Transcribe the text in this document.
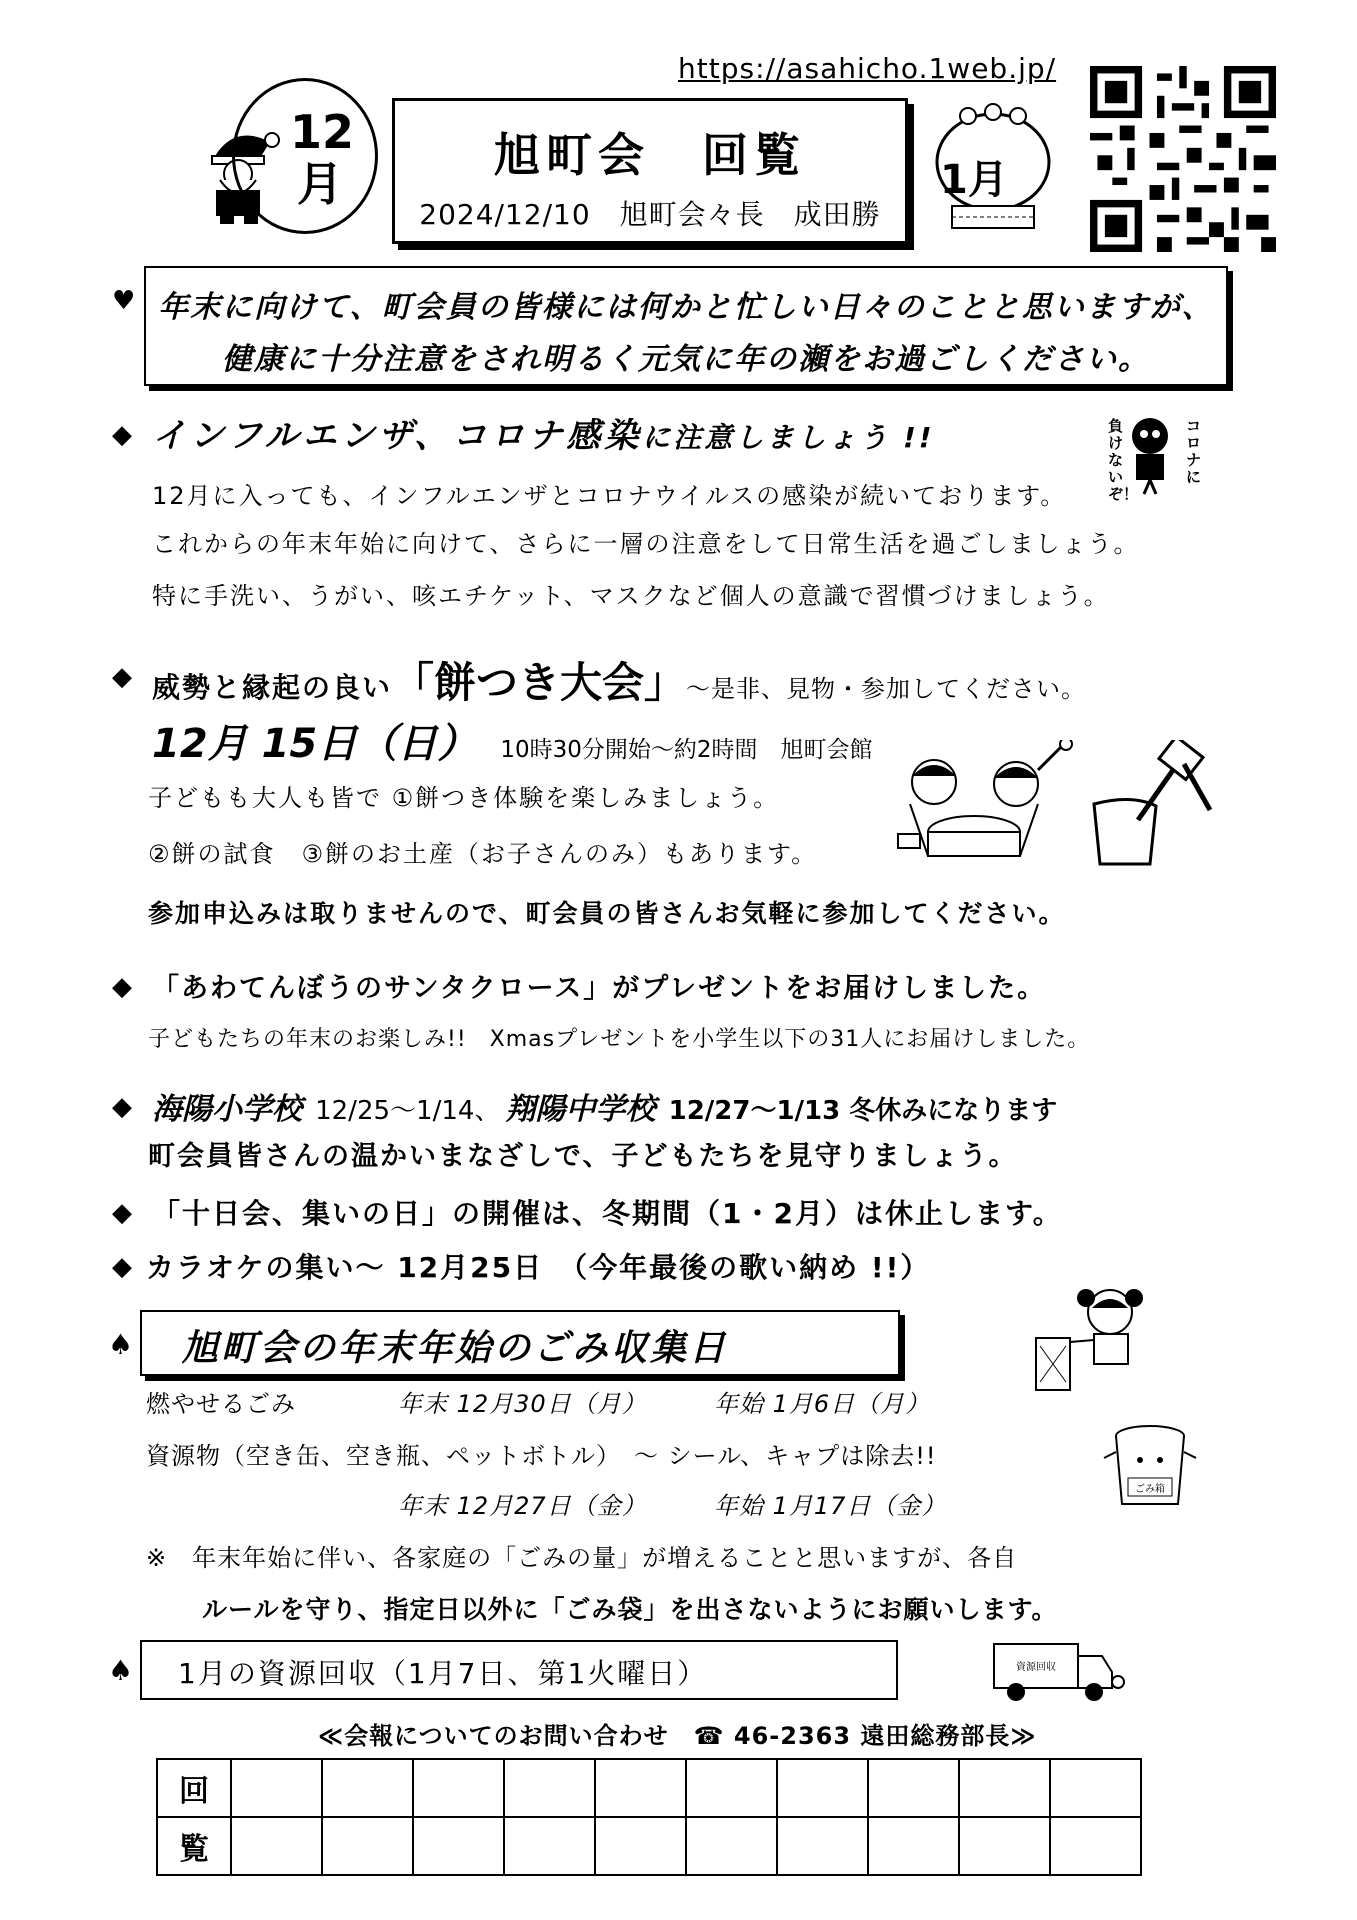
https://asahicho.1web.jp/
12月
旭町会　回覧
2024/12/10　旭町会々長　成田勝
1月
♥ 年末に向けて、町会員の皆様には何かと忙しい日々のことと思いますが、
健康に十分注意をされ明るく元気に年の瀬をお過ごしください。
◆ インフルエンザ、コロナ感染に注意しましょう !!	負けないぞ！
コロナに
12月に入っても、インフルエンザとコロナウイルスの感染が続いております。
これからの年末年始に向けて、さらに一層の注意をして日常生活を過ごしましょう。
特に手洗い、うがい、咳エチケット、マスクなど個人の意識で習慣づけましょう。
◆ 威勢と縁起の良い「餅つき大会」～是非、見物・参加してください。
12月 15日（日） 10時30分開始～約2時間　旭町会館
子どもも大人も皆で ①餅つき体験を楽しみましょう。
②餅の試食　③餅のお土産（お子さんのみ）もあります。
参加申込みは取りませんので、町会員の皆さんお気軽に参加してください。
◆ 「あわてんぼうのサンタクロース」がプレゼントをお届けしました。
子どもたちの年末のお楽しみ!!　Xmasプレゼントを小学生以下の31人にお届けしました。
◆ 海陽小学校 12/25～1/14、 翔陽中学校 12/27～1/13 冬休みになります
町会員皆さんの温かいまなざしで、子どもたちを見守りましょう。
◆ 「十日会、集いの日」の開催は、冬期間（1・2月）は休止します。
◆ カラオケの集い～ 12月25日　（今年最後の歌い納め !!）
♠ 旭町会の年末年始のごみ収集日
燃やせるごみ	年末 12月30日（月）	年始 1月6日（月）
資源物（空き缶、空き瓶、ペットボトル）　～ シール、キャプは除去!!
ごみ箱
年末 12月27日（金）	年始 1月17日（金）
※　年末年始に伴い、各家庭の「ごみの量」が増えることと思いますが、各自
ルールを守り、指定日以外に「ごみ袋」を出さないようにお願いします。
♠ 1月の資源回収（1月7日、第1火曜日）	資源回収
≪会報についてのお問い合わせ　☎ 46-2363 遠田総務部長≫
回										
覧										
